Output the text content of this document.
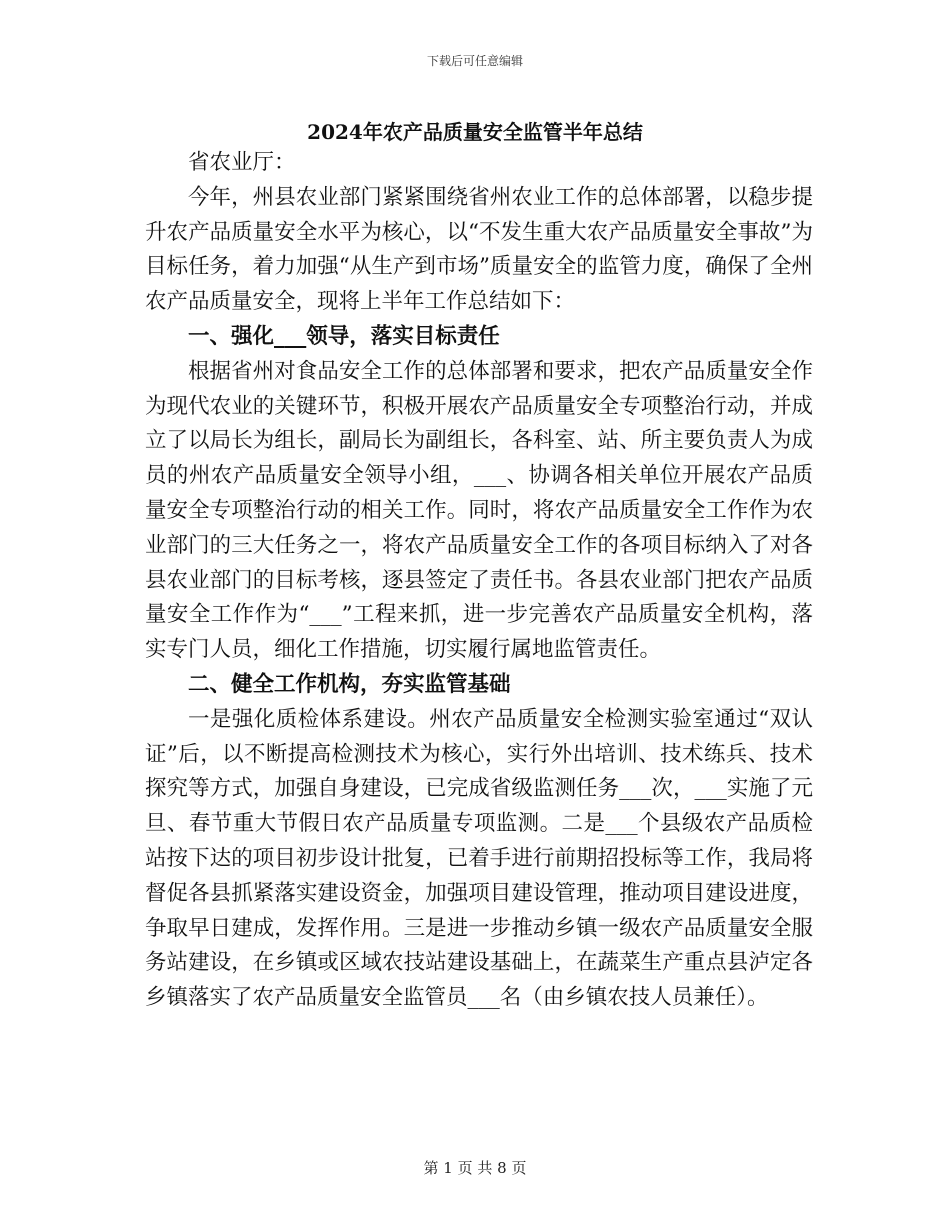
下载后可任意编辑
2024年农产品质量安全监管半年总结

省农业厅：

今年，州县农业部门紧紧围绕省州农业工作的总体部署，以稳步提升农产品质量安全水平为核心，以“不发生重大农产品质量安全事故”为目标任务，着力加强“从生产到市场”质量安全的监管力度，确保了全州农产品质量安全，现将上半年工作总结如下：

一、强化___领导，落实目标责任

根据省州对食品安全工作的总体部署和要求，把农产品质量安全作为现代农业的关键环节，积极开展农产品质量安全专项整治行动，并成立了以局长为组长，副局长为副组长，各科室、站、所主要负责人为成员的州农产品质量安全领导小组，___、协调各相关单位开展农产品质量安全专项整治行动的相关工作。同时，将农产品质量安全工作作为农业部门的三大任务之一，将农产品质量安全工作的各项目标纳入了对各县农业部门的目标考核，逐县签定了责任书。各县农业部门把农产品质量安全工作作为“___”工程来抓，进一步完善农产品质量安全机构，落实专门人员，细化工作措施，切实履行属地监管责任。

二、健全工作机构，夯实监管基础

一是强化质检体系建设。州农产品质量安全检测实验室通过“双认证”后，以不断提高检测技术为核心，实行外出培训、技术练兵、技术探究等方式，加强自身建设，已完成省级监测任务___次，___实施了元旦、春节重大节假日农产品质量专项监测。二是___个县级农产品质检站按下达的项目初步设计批复，已着手进行前期招投标等工作，我局将督促各县抓紧落实建设资金，加强项目建设管理，推动项目建设进度，争取早日建成，发挥作用。三是进一步推动乡镇一级农产品质量安全服务站建设，在乡镇或区域农技站建设基础上，在蔬菜生产重点县泸定各乡镇落实了农产品质量安全监管员___名（由乡镇农技人员兼任）。

第 1 页 共 8 页
